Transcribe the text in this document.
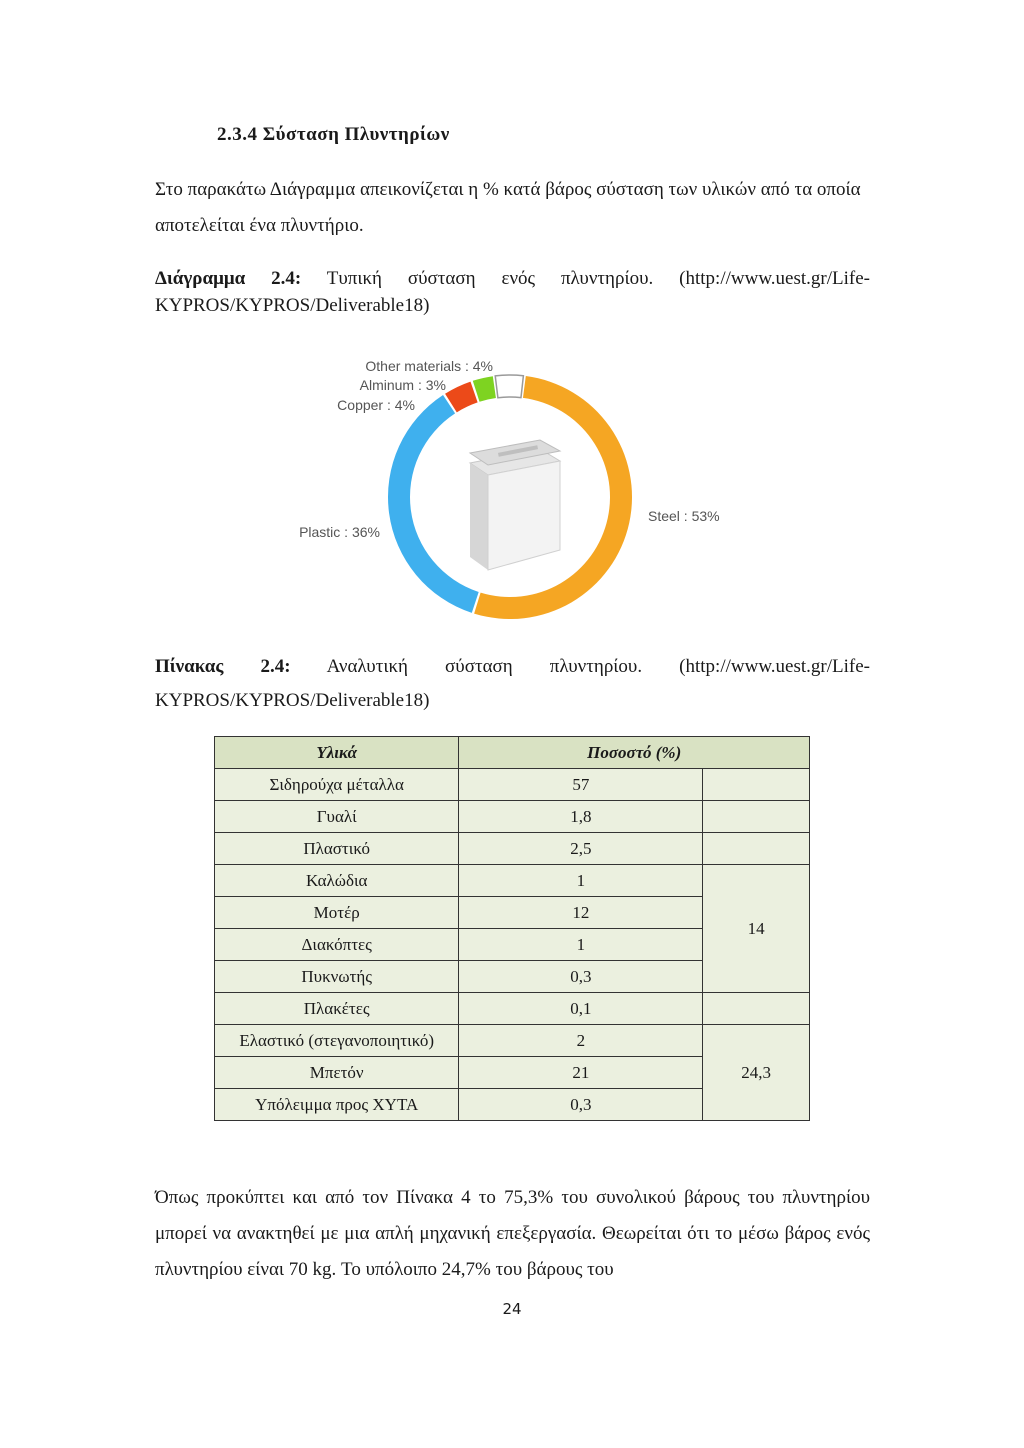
2.3.4 Σύσταση Πλυντηρίων
Στο παρακάτω Διάγραμμα απεικονίζεται η % κατά βάρος σύσταση των υλικών από τα οποία αποτελείται ένα πλυντήριο.
Διάγραμμα 2.4: Τυπική σύσταση ενός πλυντηρίου. (http://www.uest.gr/Life-KYPROS/KYPROS/Deliverable18)
Steel : 53%
Plastic : 36%
Copper : 4%
Alminum : 3%
Other materials : 4%
Πίνακας 2.4: Αναλυτική σύσταση πλυντηρίου. (http://www.uest.gr/Life-KYPROS/KYPROS/Deliverable18)
Υλικά	Ποσοστό (%)	
Σιδηρούχα μέταλλα	57	
Γυαλί	1,8	
Πλαστικό	2,5	
Καλώδια	1	14
Μοτέρ	12	
Διακόπτες	1	
Πυκνωτής	0,3	
Πλακέτες	0,1	
Ελαστικό (στεγανοποιητικό)	2	24,3
Μπετόν	21	
Υπόλειμμα προς ΧΥΤΑ	0,3	
Όπως προκύπτει και από τον Πίνακα 4 το 75,3% του συνολικού βάρους του πλυντηρίου μπορεί να ανακτηθεί με μια απλή μηχανική επεξεργασία. Θεωρείται ότι το μέσω βάρος ενός πλυντηρίου είναι 70 kg. Το υπόλοιπο 24,7% του βάρους του
24
